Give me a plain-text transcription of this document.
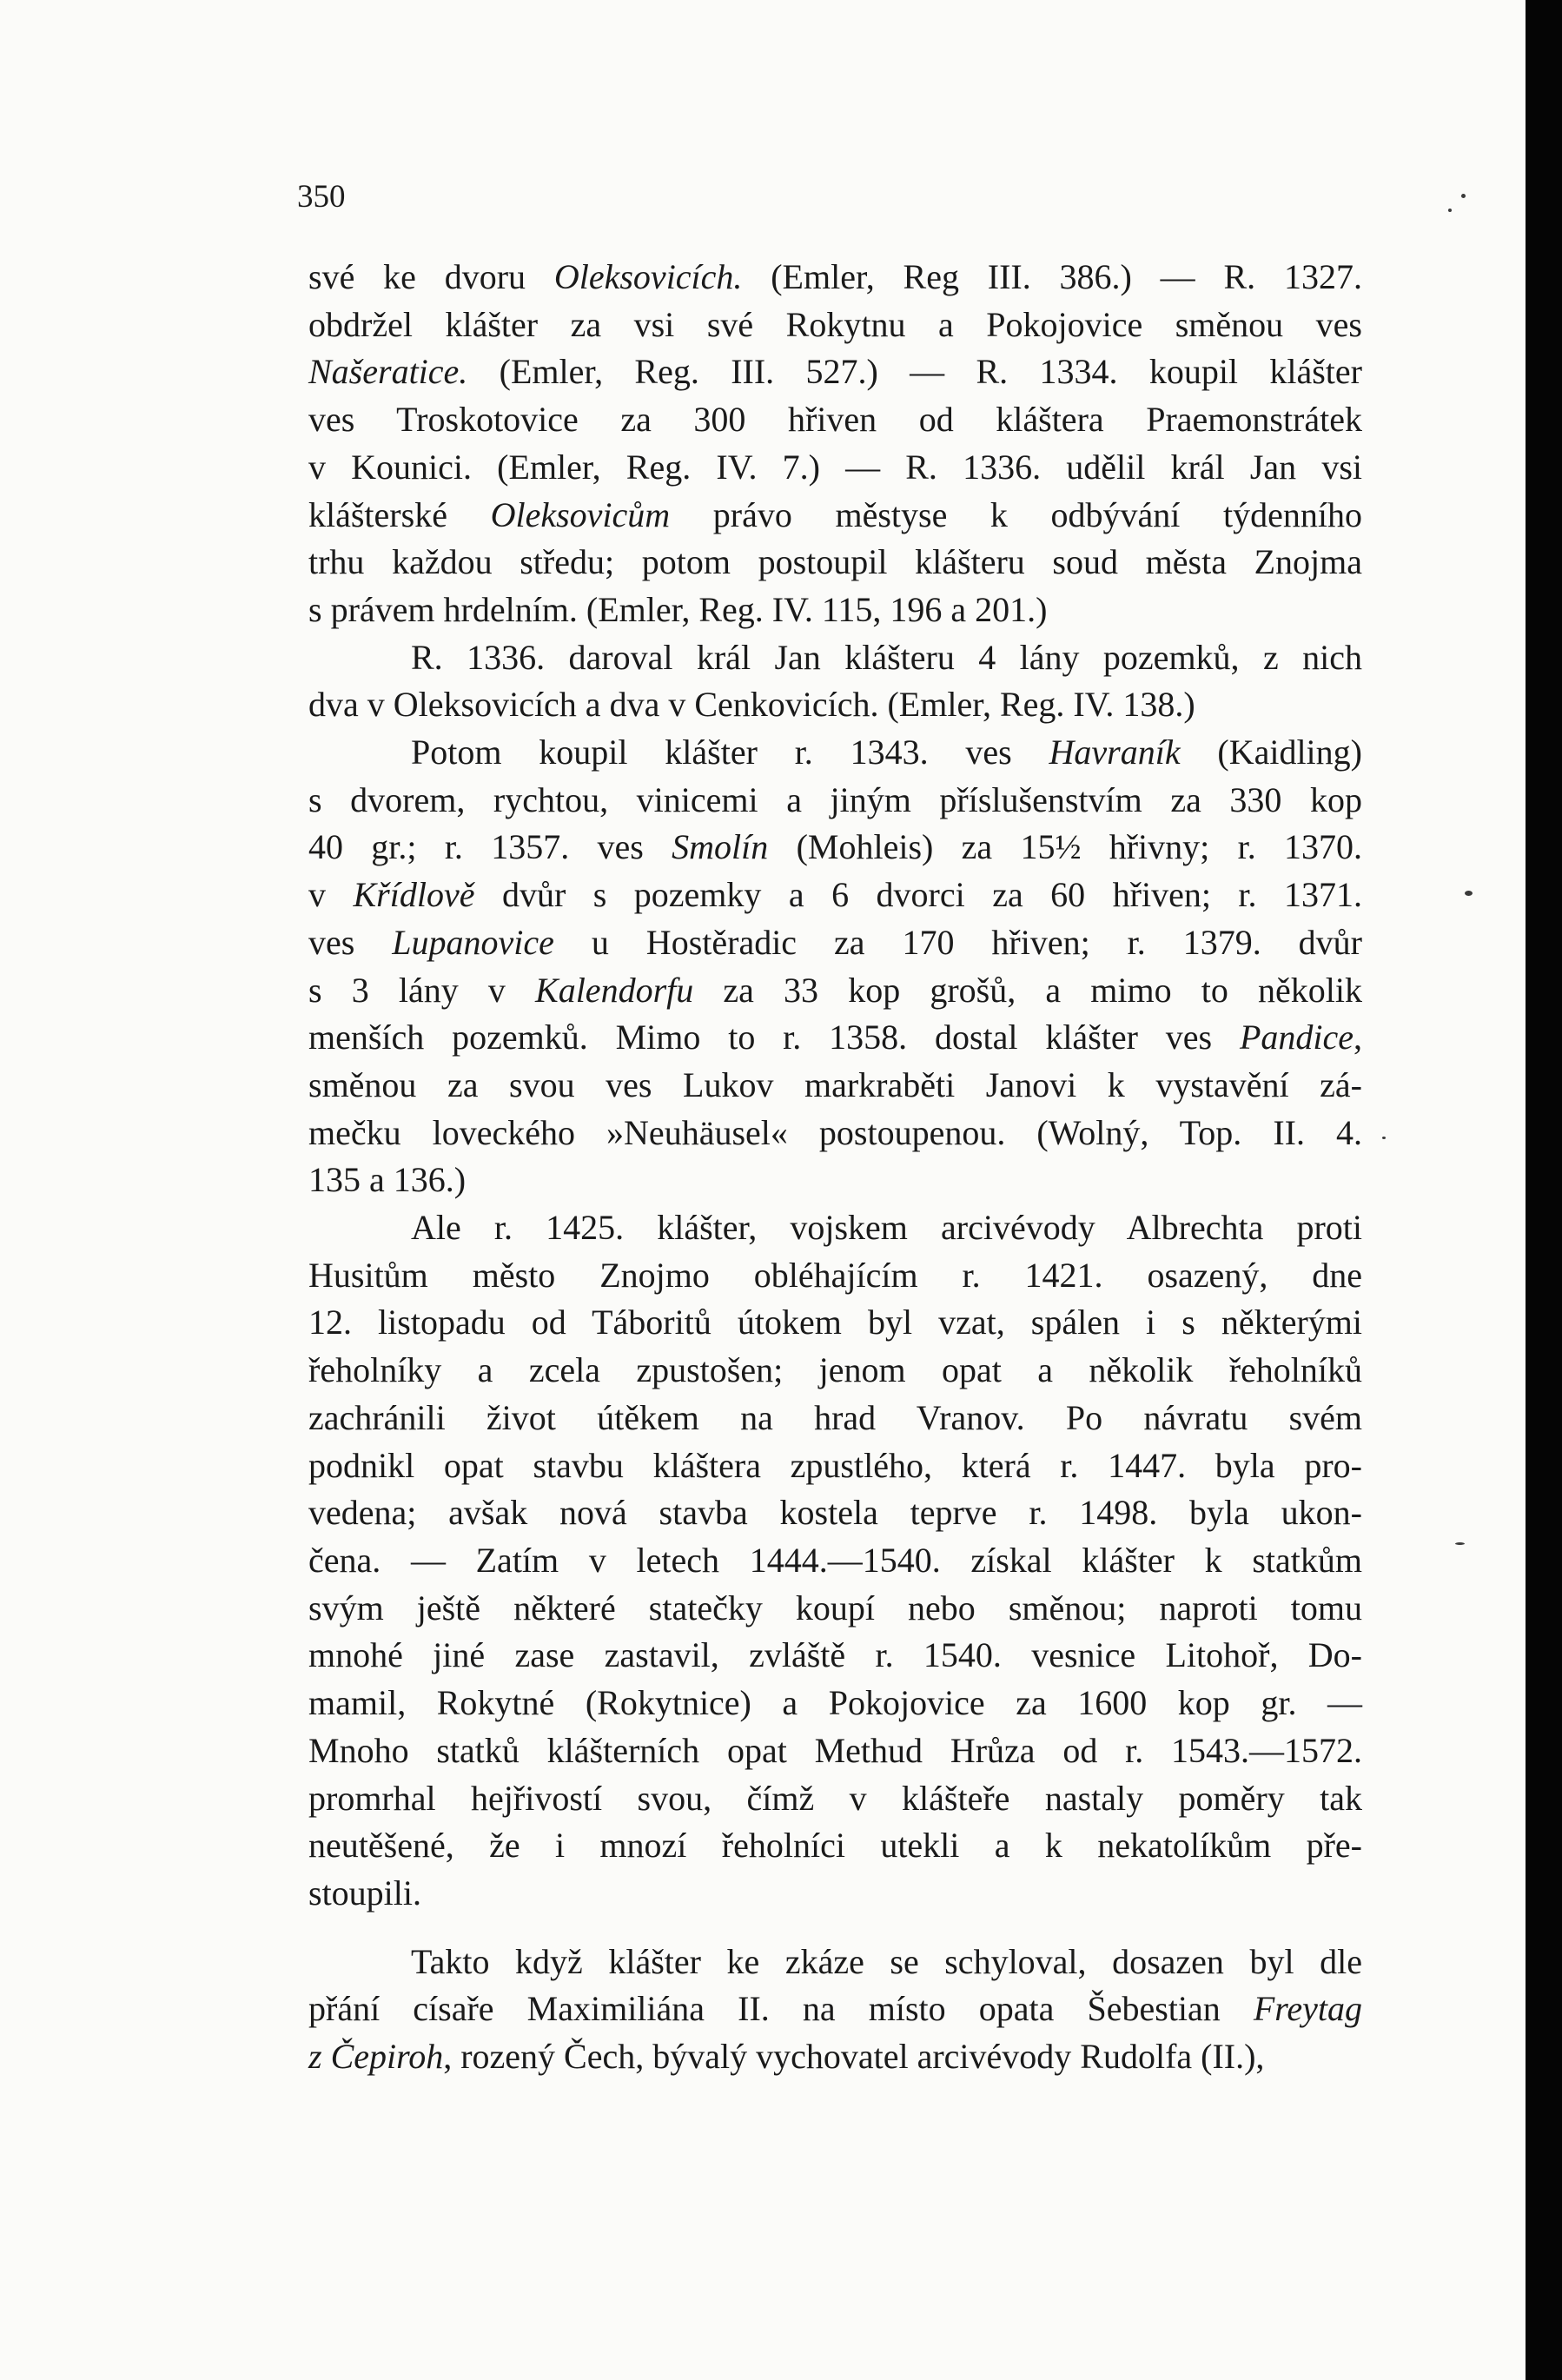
350
své ke dvoru Oleksovicích. (Emler, Reg III. 386.) — R. 1327.
obdržel klášter za vsi své Rokytnu a Pokojovice směnou ves
Našeratice. (Emler, Reg. III. 527.) — R. 1334. koupil klášter
ves Troskotovice za 300 hřiven od kláštera Praemonstrátek
v Kounici. (Emler, Reg. IV. 7.) — R. 1336. udělil král Jan vsi
klášterské Oleksovicům právo městyse k odbývání týdenního
trhu každou středu; potom postoupil klášteru soud města Znojma
s právem hrdelním. (Emler, Reg. IV. 115, 196 a 201.)
R. 1336. daroval král Jan klášteru 4 lány pozemků, z nich
dva v Oleksovicích a dva v Cenkovicích. (Emler, Reg. IV. 138.)
Potom koupil klášter r. 1343. ves Havraník (Kaidling)
s dvorem, rychtou, vinicemi a jiným příslušenstvím za 330 kop
40 gr.; r. 1357. ves Smolín (Mohleis) za 15½ hřivny; r. 1370.
v Křídlově dvůr s pozemky a 6 dvorci za 60 hřiven; r. 1371.
ves Lupanovice u Hostěradic za 170 hřiven; r. 1379. dvůr
s 3 lány v Kalendorfu za 33 kop grošů, a mimo to několik
menších pozemků. Mimo to r. 1358. dostal klášter ves Pandice,
směnou za svou ves Lukov markraběti Janovi k vystavění zá-
mečku loveckého »Neuhäusel« postoupenou. (Wolný, Top. II. 4.
135 a 136.)
Ale r. 1425. klášter, vojskem arcivévody Albrechta proti
Husitům město Znojmo obléhajícím r. 1421. osazený, dne
12. listopadu od Táboritů útokem byl vzat, spálen i s některými
řeholníky a zcela zpustošen; jenom opat a několik řeholníků
zachránili život útěkem na hrad Vranov. Po návratu svém
podnikl opat stavbu kláštera zpustlého, která r. 1447. byla pro-
vedena; avšak nová stavba kostela teprve r. 1498. byla ukon-
čena. — Zatím v letech 1444.—1540. získal klášter k statkům
svým ještě některé statečky koupí nebo směnou; naproti tomu
mnohé jiné zase zastavil, zvláště r. 1540. vesnice Litohoř, Do-
mamil, Rokytné (Rokytnice) a Pokojovice za 1600 kop gr. —
Mnoho statků klášterních opat Methud Hrůza od r. 1543.—1572.
promrhal hejřivostí svou, čímž v klášteře nastaly poměry tak
neutěšené, že i mnozí řeholníci utekli a k nekatolíkům pře-
stoupili.
Takto když klášter ke zkáze se schyloval, dosazen byl dle
přání císaře Maximiliána II. na místo opata Šebestian Freytag
z Čepiroh, rozený Čech, bývalý vychovatel arcivévody Rudolfa (II.),
